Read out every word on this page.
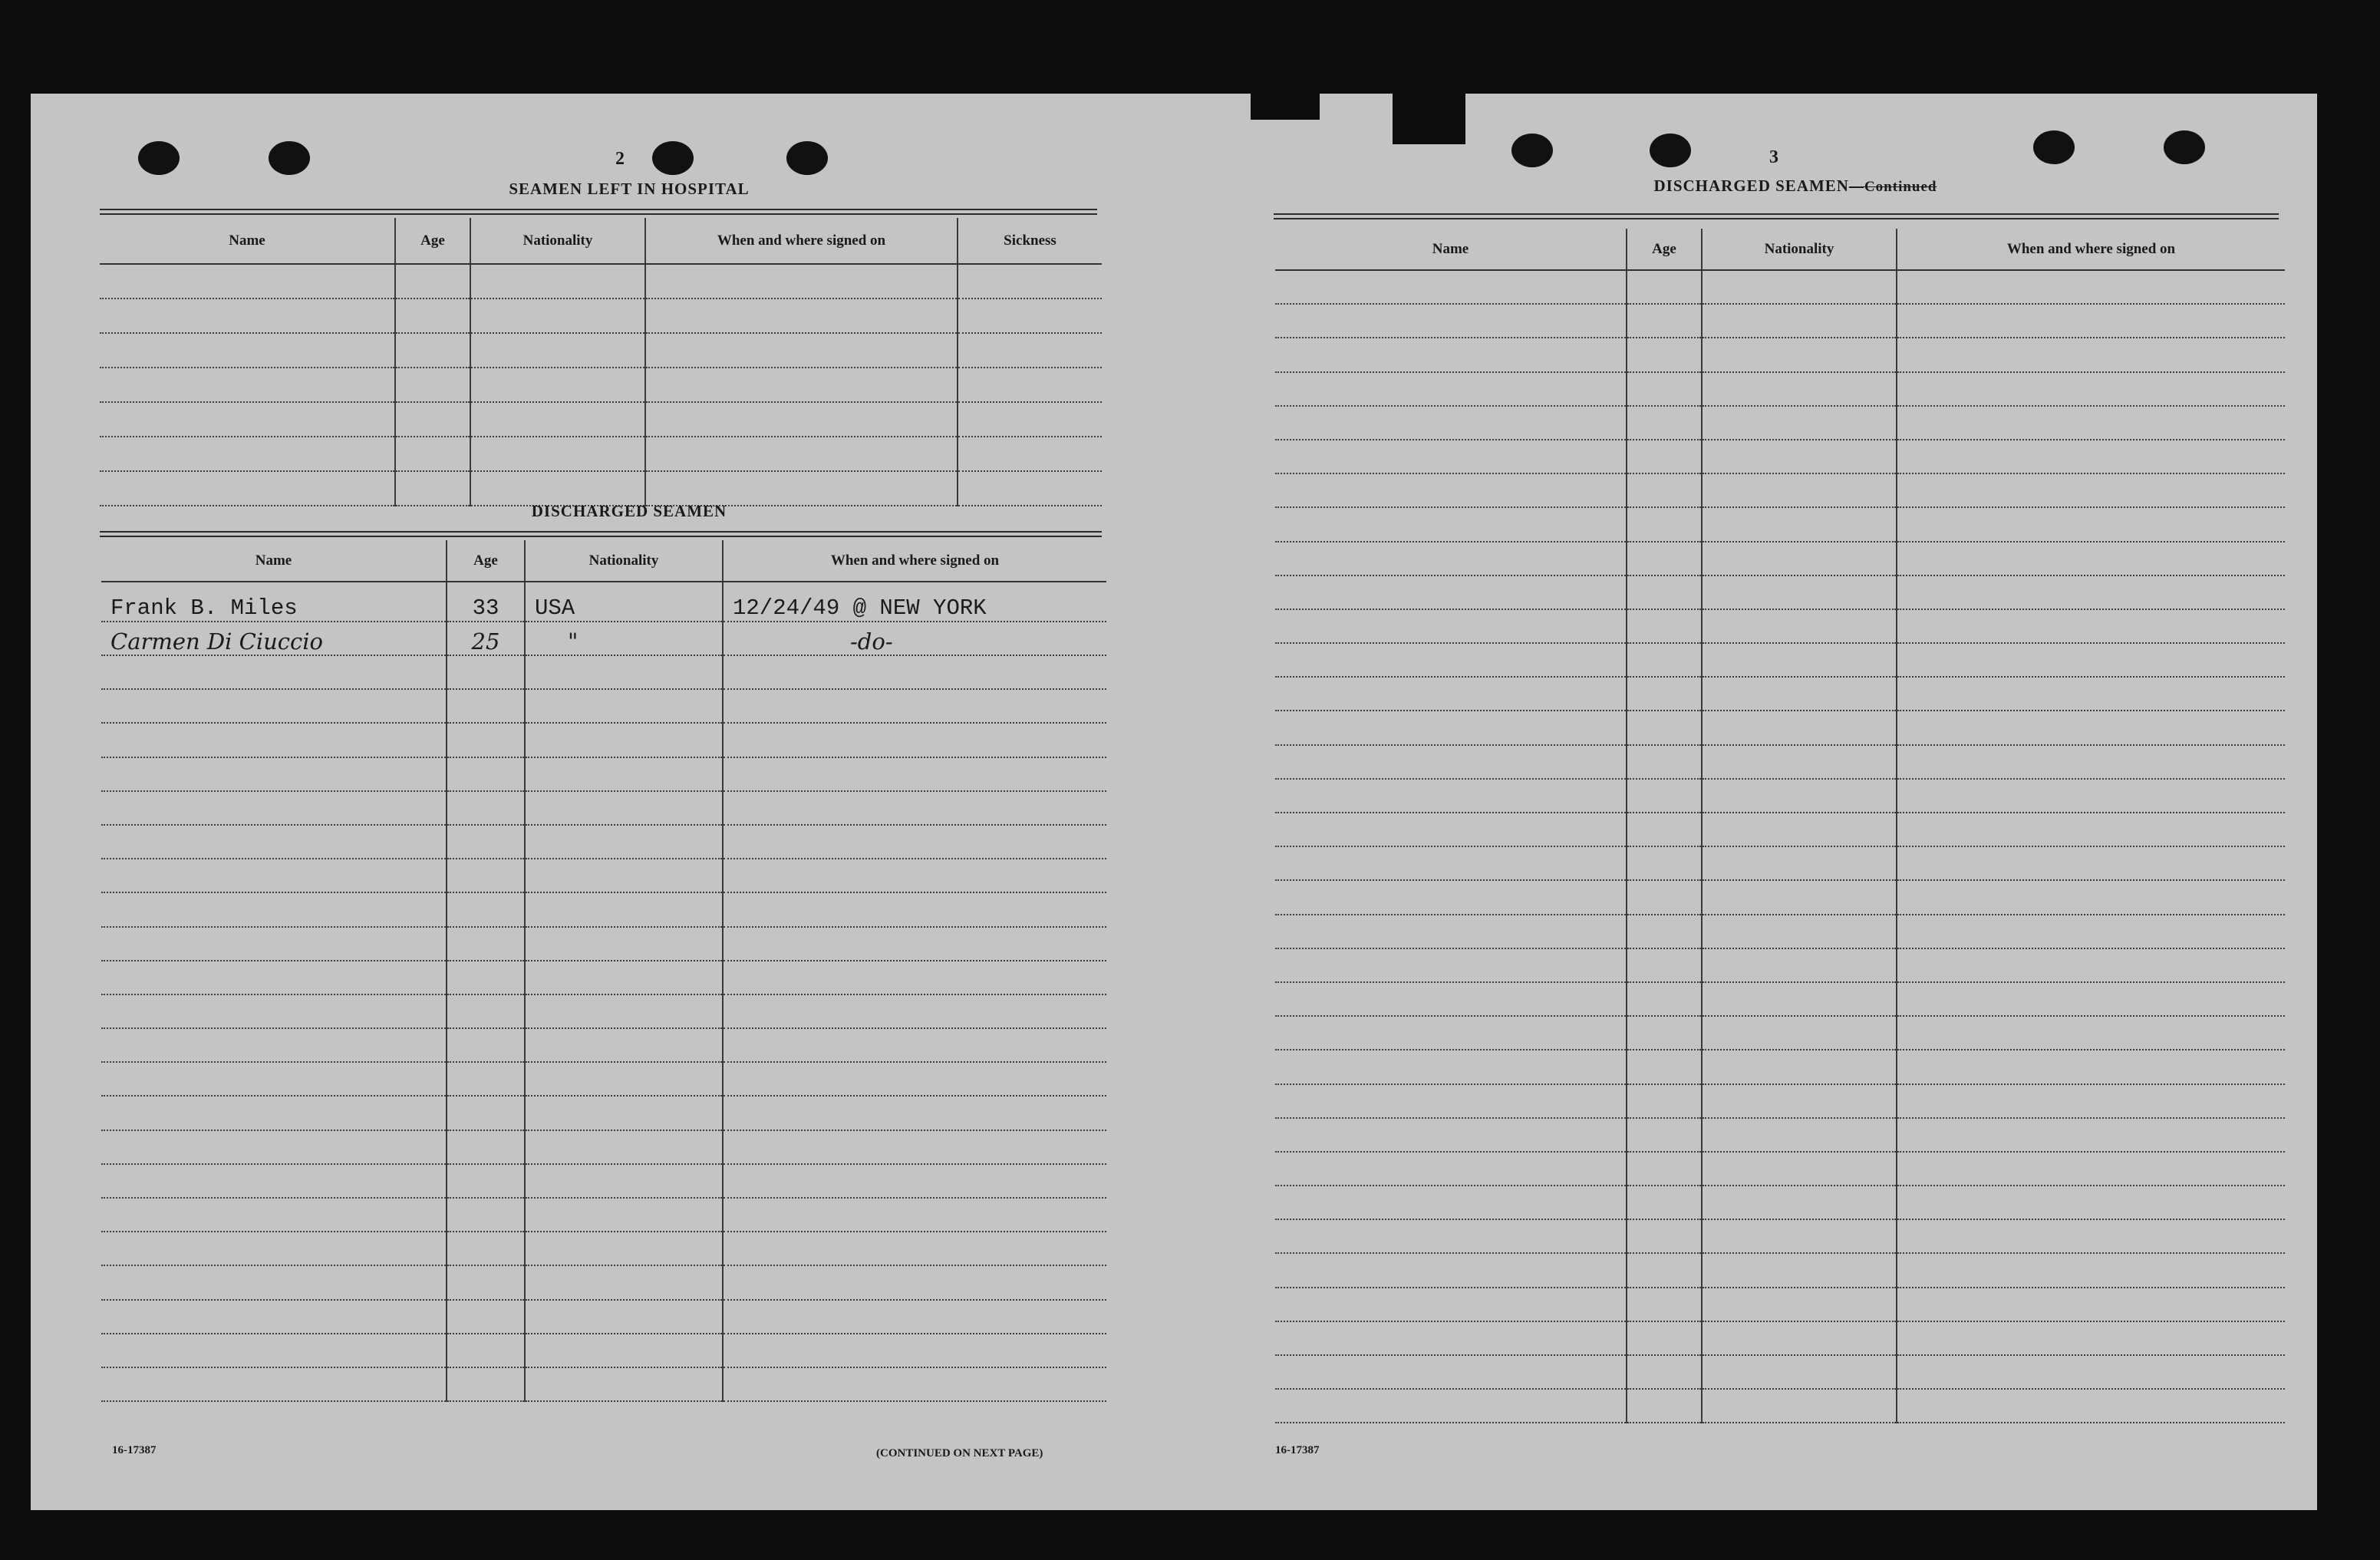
2
SEAMEN LEFT IN HOSPITAL
Name	Age	Nationality	When and where signed on	Sickness

DISCHARGED SEAMEN
Name	Age	Nationality	When and where signed on
Frank B. Miles	33	USA	12/24/49 @ NEW YORK
Carmen Di Ciuccio	25	"	-do-

16-17387	(CONTINUED ON NEXT PAGE)
3
DISCHARGED SEAMEN—Continued
Name	Age	Nationality	When and where signed on

16-17387
